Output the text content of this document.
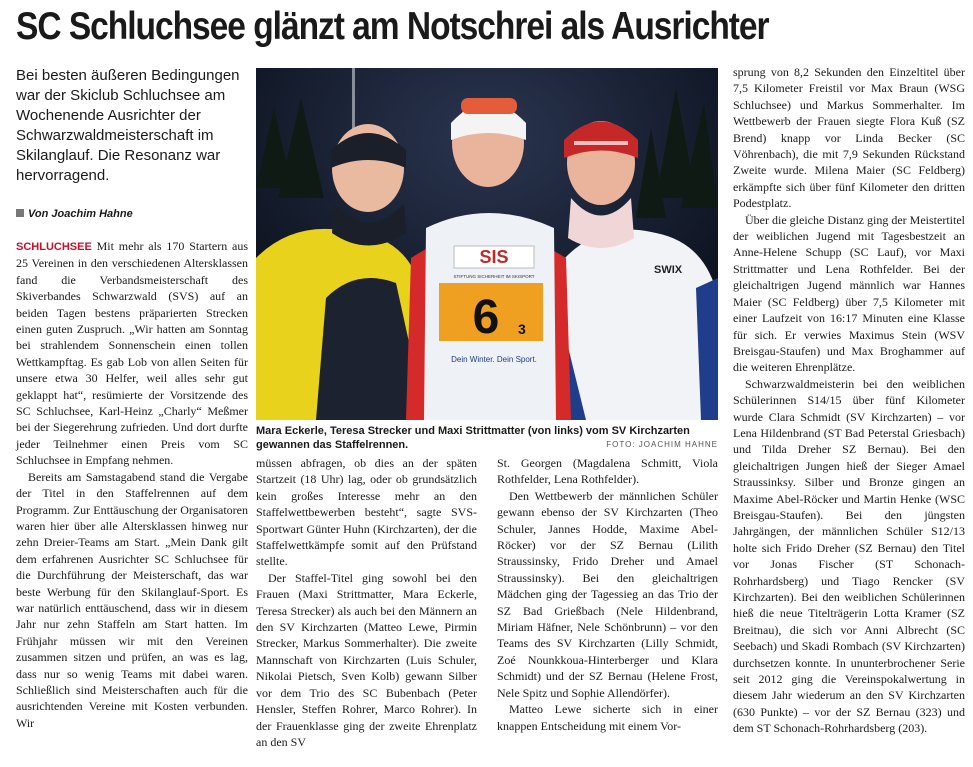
SC Schluchsee glänzt am Notschrei als Ausrichter
Bei besten äußeren Bedingungen war der Skiclub Schluchsee am Wochenende Ausrichter der Schwarzwaldmeisterschaft im Skilanglauf. Die Resonanz war hervorragend.
Von Joachim Hahne

SCHLUCHSEE Mit mehr als 170 Startern aus 25 Vereinen in den verschiedenen Altersklassen fand die Verbandsmeisterschaft des Skiverbandes Schwarzwald (SVS) auf an beiden Tagen bestens präparierten Strecken einen guten Zuspruch. „Wir hatten am Sonntag bei strahlendem Sonnenschein einen tollen Wettkampftag. Es gab Lob von allen Seiten für unsere etwa 30 Helfer, weil alles sehr gut geklappt hat“, resümierte der Vorsitzende des SC Schluchsee, Karl-Heinz „Charly“ Meßmer bei der Siegerehrung zufrieden. Und dort durfte jeder Teilnehmer einen Preis vom SC Schluchsee in Empfang nehmen.

Bereits am Samstagabend stand die Vergabe der Titel in den Staffelrennen auf dem Programm. Zur Enttäuschung der Organisatoren waren hier über alle Altersklassen hinweg nur zehn Dreier-Teams am Start. „Mein Dank gilt dem erfahrenen Ausrichter SC Schluchsee für die Durchführung der Meisterschaft, das war beste Werbung für den Skilanglauf-Sport. Es war natürlich enttäuschend, dass wir in diesem Jahr nur zehn Staffeln am Start hatten. Im Frühjahr müssen wir mit den Vereinen zusammen sitzen und prüfen, an was es lag, dass nur so wenig Teams mit dabei waren. Schließlich sind Meisterschaften auch für die ausrichtenden Vereine mit Kosten verbunden. Wir

SWIX
SIS
STIFTUNG SICHERHEIT IM SKISPORT
6 3
Dein Winter. Dein Sport.
Mara Eckerle, Teresa Strecker und Maxi Strittmatter (von links) vom SV Kirchzarten gewannen das Staffelrennen.	FOTO: JOACHIM HAHNE

müssen abfragen, ob dies an der späten Startzeit (18 Uhr) lag, oder ob grundsätzlich kein großes Interesse mehr an den Staffelwettbewerben besteht“, sagte SVS-Sportwart Günter Huhn (Kirchzarten), der die Staffelwettkämpfe somit auf den Prüfstand stellte.

Der Staffel-Titel ging sowohl bei den Frauen (Maxi Strittmatter, Mara Eckerle, Teresa Strecker) als auch bei den Männern an den SV Kirchzarten (Matteo Lewe, Pirmin Strecker, Markus Sommerhalter). Die zweite Mannschaft von Kirchzarten (Luis Schuler, Nikolai Pietsch, Sven Kolb) gewann Silber vor dem Trio des SC Bubenbach (Peter Hensler, Steffen Rohrer, Marco Rohrer). In der Frauenklasse ging der zweite Ehrenplatz an den SV

St. Georgen (Magdalena Schmitt, Viola Rothfelder, Lena Rothfelder).

Den Wettbewerb der männlichen Schüler gewann ebenso der SV Kirchzarten (Theo Schuler, Jannes Hodde, Maxime Abel-Röcker) vor der SZ Bernau (Lilith Straussinsky, Frido Dreher und Amael Straussinsky). Bei den gleichaltrigen Mädchen ging der Tagessieg an das Trio der SZ Bad Grießbach (Nele Hildenbrand, Miriam Häfner, Nele Schönbrunn) – vor den Teams des SV Kirchzarten (Lilly Schmidt, Zoé Nounkkoua-Hinterberger und Klara Schmidt) und der SZ Bernau (Helene Frost, Nele Spitz und Sophie Allendörfer).

Matteo Lewe sicherte sich in einer knappen Entscheidung mit einem Vor-

sprung von 8,2 Sekunden den Einzeltitel über 7,5 Kilometer Freistil vor Max Braun (WSG Schluchsee) und Markus Sommerhalter. Im Wettbewerb der Frauen siegte Flora Kuß (SZ Brend) knapp vor Linda Becker (SC Vöhrenbach), die mit 7,9 Sekunden Rückstand Zweite wurde. Milena Maier (SC Feldberg) erkämpfte sich über fünf Kilometer den dritten Podestplatz.

Über die gleiche Distanz ging der Meistertitel der weiblichen Jugend mit Tagesbestzeit an Anne-Helene Schupp (SC Lauf), vor Maxi Strittmatter und Lena Rothfelder. Bei der gleichaltrigen Jugend männlich war Hannes Maier (SC Feldberg) über 7,5 Kilometer mit einer Laufzeit von 16:17 Minuten eine Klasse für sich. Er verwies Maximus Stein (WSV Breisgau-Staufen) und Max Broghammer auf die weiteren Ehrenplätze.

Schwarzwaldmeisterin bei den weiblichen Schülerinnen S14/15 über fünf Kilometer wurde Clara Schmidt (SV Kirchzarten) – vor Lena Hildenbrand (ST Bad Peterstal Griesbach) und Tilda Dreher SZ Bernau). Bei den gleichaltrigen Jungen hieß der Sieger Amael Straussinksy. Silber und Bronze gingen an Maxime Abel-Röcker und Martin Henke (WSC Breisgau-Staufen). Bei den jüngsten Jahrgängen, der männlichen Schüler S12/13 holte sich Frido Dreher (SZ Bernau) den Titel vor Jonas Fischer (ST Schonach-Rohrhardsberg) und Tiago Rencker (SV Kirchzarten). Bei den weiblichen Schülerinnen hieß die neue Titelträgerin Lotta Kramer (SZ Breitnau), die sich vor Anni Albrecht (SC Seebach) und Skadi Rombach (SV Kirchzarten) durchsetzen konnte. In ununterbrochener Serie seit 2012 ging die Vereinspokalwertung in diesem Jahr wiederum an den SV Kirchzarten (630 Punkte) – vor der SZ Bernau (323) und dem ST Schonach-Rohrhardsberg (203).
